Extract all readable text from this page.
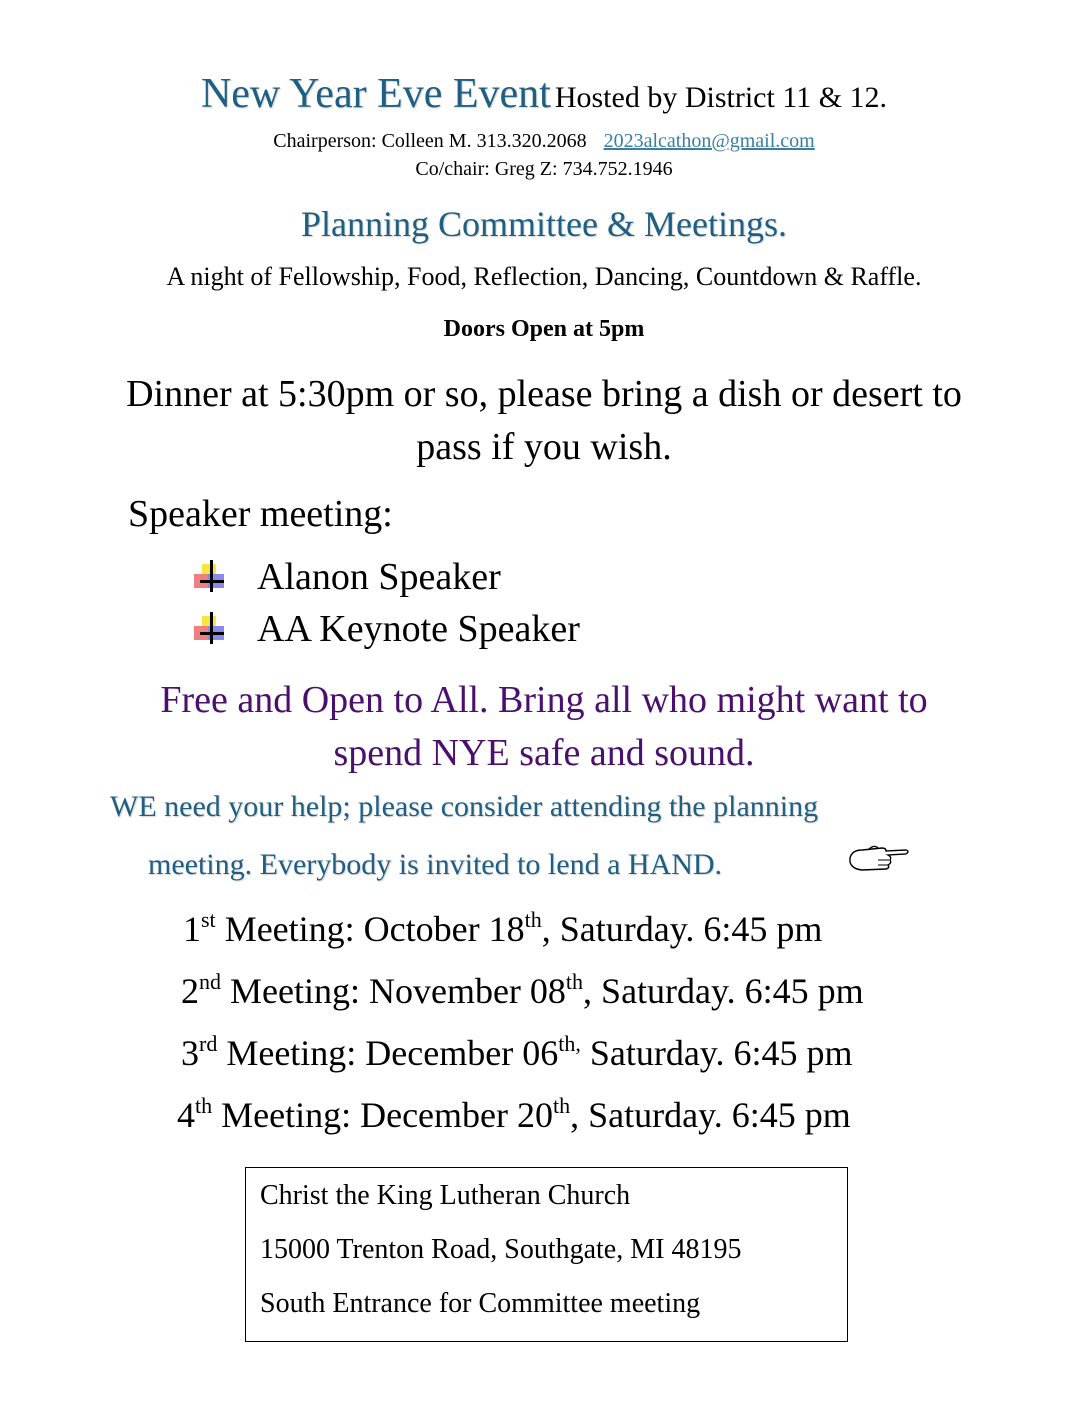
New Year Eve Event Hosted by District 11 & 12.
Chairperson: Colleen M. 313.320.2068 2023alcathon@gmail.com
Co/chair: Greg Z: 734.752.1946
Planning Committee & Meetings.
A night of Fellowship, Food, Reflection, Dancing, Countdown & Raffle.
Doors Open at 5pm
Dinner at 5:30pm or so, please bring a dish or desert to
pass if you wish.
Speaker meeting:
Alanon Speaker
AA Keynote Speaker
Free and Open to All. Bring all who might want to
spend NYE safe and sound.
WE need your help; please consider attending the planning
meeting. Everybody is invited to lend a HAND.
1st Meeting: October 18th, Saturday. 6:45 pm
2nd Meeting: November 08th, Saturday. 6:45 pm
3rd Meeting: December $06^{th,}$ Saturday. 6:45 pm
4th Meeting: December 20th, Saturday. 6:45 pm
Christ the King Lutheran Church
15000 Trenton Road, Southgate, MI 48195
South Entrance for Committee meeting
